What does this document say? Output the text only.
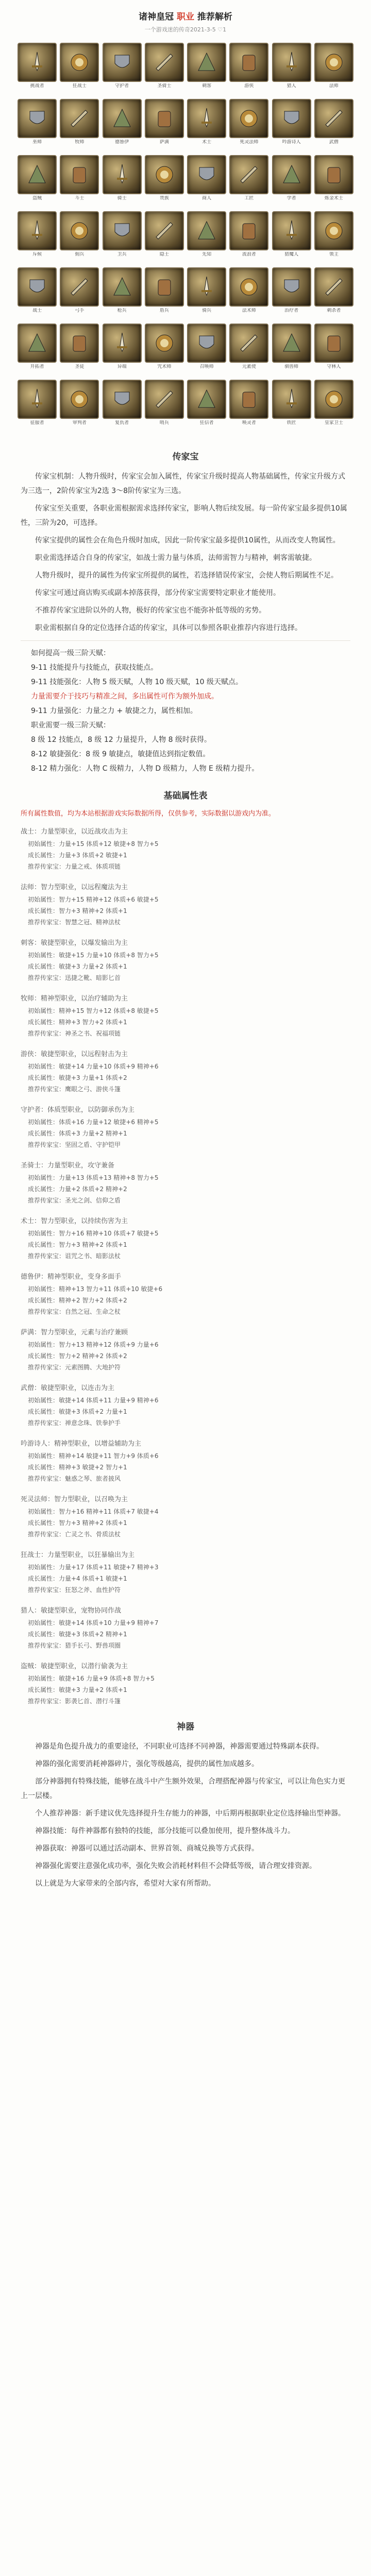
诸神皇冠 职业 推荐解析
一个游戏迷的传奇2021-3-5 ♡1
挑战者	狂战士	守护者	圣骑士	刺客	游侠	猎人	法师
巫师	牧师	德鲁伊	萨满	术士	死灵法师	吟游诗人	武僧
盗贼	斗士	骑士	贵族	商人	工匠	学者	炼金术士
斥候	佣兵	卫兵	隐士	先知	流浪者	猎魔人	领主
战士	弓手	枪兵	盾兵	骑兵	法术师	治疗者	刺杀者
开拓者	圣徒	异端	咒术师	召唤师	元素使	驯兽师	守林人
征服者	审判者	复仇者	哨兵	狂信者	唤灵者	铁匠	皇家卫士
传家宝

传家宝机制：人物升级时，传家宝会加入属性，传家宝升级时提高人物基础属性，传家宝升级方式为三选一，2阶传家宝为2选 3～8阶传家宝为三选。

传家宝至关重要，各职业需根据需求选择传家宝，影响人物后续发展。每一阶传家宝最多提供10属性，三阶为20，可选择。

传家宝提供的属性会在角色升级时加成，因此一阶传家宝最多提供10属性，从而改变人物属性。

职业需选择适合自身的传家宝，如战士需力量与体质，法师需智力与精神，刺客需敏捷。

人物升级时，提升的属性为传家宝所提供的属性，若选择错误传家宝，会使人物后期属性不足。

传家宝可通过商店购买或副本掉落获得，部分传家宝需要特定职业才能使用。

不推荐传家宝进阶以外的人物，极好的传家宝也不能弥补低等级的劣势。

职业需根据自身的定位选择合适的传家宝，具体可以参照各职业推荐内容进行选择。

如何提高一级三阶天赋：

9-11 技能提升与技能点，获取技能点。

9-11 技能强化：人物 5 级天赋，人物 10 级天赋，10 级天赋点。

力量需要介于技巧与精准之间，多出属性可作为额外加成。

9-11 力量强化：力量之力 + 敏捷之力，属性相加。

职业需要一级三阶天赋：

8 级 12 技能点，8 级 12 力量提升，人物 8 级时获得。

8-12 敏捷强化：8 级 9 敏捷点，敏捷值达到指定数值。

8-12 精力强化：人物 C 级精力，人物 D 级精力，人物 E 级精力提升。

基础属性表
所有属性数值，均为本站根据游戏实际数据所得，仅供参考，实际数据以游戏内为准。
战士：力量型职业，以近战攻击为主
初始属性：力量+15 体质+12 敏捷+8 智力+5
成长属性：力量+3 体质+2 敏捷+1
推荐传家宝：力量之戒、体质项链
法师：智力型职业，以远程魔法为主
初始属性：智力+15 精神+12 体质+6 敏捷+5
成长属性：智力+3 精神+2 体质+1
推荐传家宝：智慧之冠、精神法杖
刺客：敏捷型职业，以爆发输出为主
初始属性：敏捷+15 力量+10 体质+8 智力+5
成长属性：敏捷+3 力量+2 体质+1
推荐传家宝：迅捷之靴、暗影匕首
牧师：精神型职业，以治疗辅助为主
初始属性：精神+15 智力+12 体质+8 敏捷+5
成长属性：精神+3 智力+2 体质+1
推荐传家宝：神圣之书、祝福项链
游侠：敏捷型职业，以远程射击为主
初始属性：敏捷+14 力量+10 体质+9 精神+6
成长属性：敏捷+3 力量+1 体质+2
推荐传家宝：鹰眼之弓、游侠斗篷
守护者：体质型职业，以防御承伤为主
初始属性：体质+16 力量+12 敏捷+6 精神+5
成长属性：体质+3 力量+2 精神+1
推荐传家宝：坚固之盾、守护铠甲
圣骑士：力量型职业，攻守兼备
初始属性：力量+13 体质+13 精神+8 智力+5
成长属性：力量+2 体质+2 精神+2
推荐传家宝：圣光之剑、信仰之盾
术士：智力型职业，以持续伤害为主
初始属性：智力+16 精神+10 体质+7 敏捷+5
成长属性：智力+3 精神+2 体质+1
推荐传家宝：诅咒之书、暗影法杖
德鲁伊：精神型职业，变身多面手
初始属性：精神+13 智力+11 体质+10 敏捷+6
成长属性：精神+2 智力+2 体质+2
推荐传家宝：自然之冠、生命之杖
萨满：智力型职业，元素与治疗兼顾
初始属性：智力+13 精神+12 体质+9 力量+6
成长属性：智力+2 精神+2 体质+2
推荐传家宝：元素图腾、大地护符
武僧：敏捷型职业，以连击为主
初始属性：敏捷+14 体质+11 力量+9 精神+6
成长属性：敏捷+3 体质+2 力量+1
推荐传家宝：禅意念珠、铁拳护手
吟游诗人：精神型职业，以增益辅助为主
初始属性：精神+14 敏捷+11 智力+9 体质+6
成长属性：精神+3 敏捷+2 智力+1
推荐传家宝：魅惑之琴、旅者披风
死灵法师：智力型职业，以召唤为主
初始属性：智力+16 精神+11 体质+7 敏捷+4
成长属性：智力+3 精神+2 体质+1
推荐传家宝：亡灵之书、骨质法杖
狂战士：力量型职业，以狂暴输出为主
初始属性：力量+17 体质+11 敏捷+7 精神+3
成长属性：力量+4 体质+1 敏捷+1
推荐传家宝：狂怒之斧、血性护符
猎人：敏捷型职业，宠物协同作战
初始属性：敏捷+14 体质+10 力量+9 精神+7
成长属性：敏捷+3 体质+2 精神+1
推荐传家宝：猎手长弓、野兽项圈
盗贼：敏捷型职业，以潜行偷袭为主
初始属性：敏捷+16 力量+9 体质+8 智力+5
成长属性：敏捷+3 力量+2 体质+1
推荐传家宝：影袭匕首、潜行斗篷
神器

神器是角色提升战力的重要途径，不同职业可选择不同神器，神器需要通过特殊副本获得。

神器的强化需要消耗神器碎片，强化等级越高，提供的属性加成越多。

部分神器拥有特殊技能，能够在战斗中产生额外效果，合理搭配神器与传家宝，可以让角色实力更上一层楼。

个人推荐神器：新手建议优先选择提升生存能力的神器，中后期再根据职业定位选择输出型神器。

神器技能：每件神器都有独特的技能，部分技能可以叠加使用，提升整体战斗力。

神器获取：神器可以通过活动副本、世界首领、商城兑换等方式获得。

神器强化需要注意强化成功率，强化失败会消耗材料但不会降低等级，请合理安排资源。

以上就是为大家带来的全部内容，希望对大家有所帮助。
